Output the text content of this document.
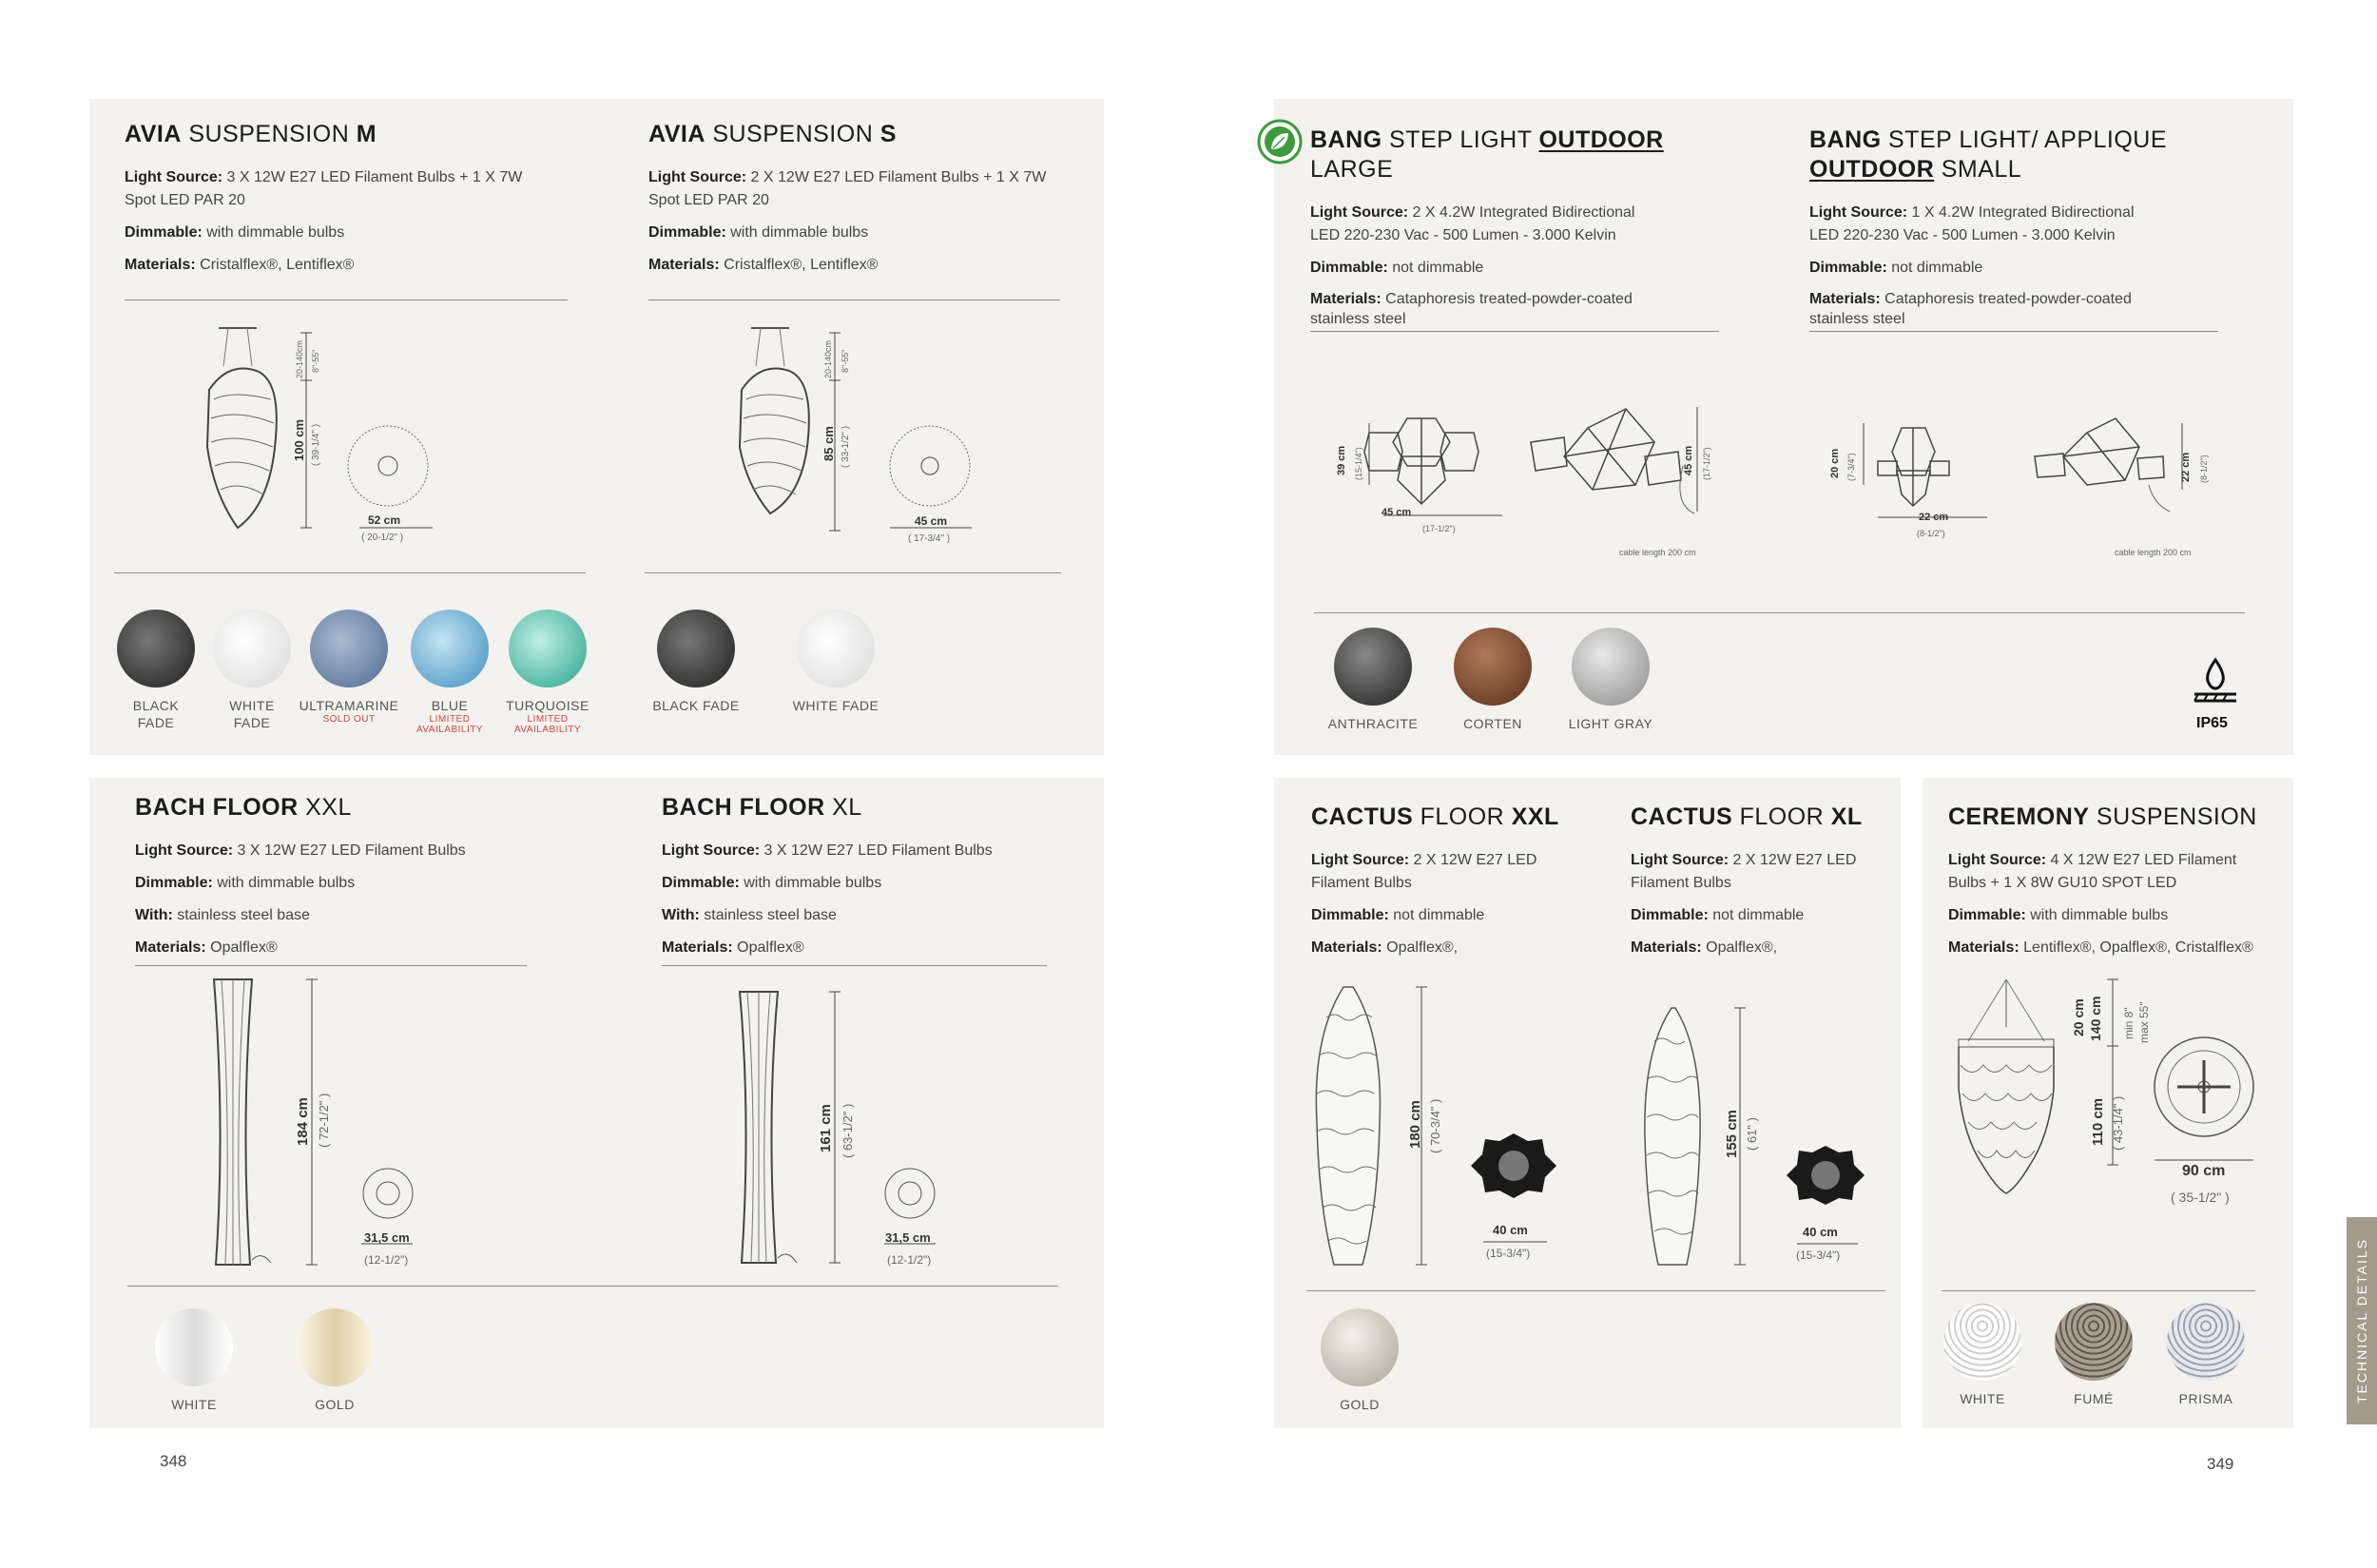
AVIA SUSPENSION M

Light Source: 3 X 12W E27 LED Filament Bulbs + 1 X 7W Spot LED PAR 20

Dimmable: with dimmable bulbs

Materials: Cristalflex®, Lentiflex®

AVIA SUSPENSION S

Light Source: 2 X 12W E27 LED Filament Bulbs + 1 X 7W Spot LED PAR 20

Dimmable: with dimmable bulbs

Materials: Cristalflex®, Lentiflex®

100 cm ( 39-1/4" )
20-140cm 8"-55"
52 cm
( 20-1/2" )
85 cm ( 33-1/2" )
20-140cm 8"-55"
45 cm
( 17-3/4" )
BLACK
FADE
WHITE
FADE
ULTRAMARINE
SOLD OUT
BLUE
LIMITED AVAILABILITY
TURQUOISE
LIMITED AVAILABILITY
BLACK FADE	WHITE FADE
BACH FLOOR XXL

Light Source: 3 X 12W E27 LED Filament Bulbs

Dimmable: with dimmable bulbs

With: stainless steel base

Materials: Opalflex®

BACH FLOOR XL

Light Source: 3 X 12W E27 LED Filament Bulbs

Dimmable: with dimmable bulbs

With: stainless steel base

Materials: Opalflex®

184 cm ( 72-1/2" )
31,5 cm
(12-1/2")
161 cm ( 63-1/2" )
31,5 cm
(12-1/2")
WHITE	GOLD
348
BANG STEP LIGHT OUTDOOR LARGE

Light Source: 2 X 4.2W Integrated Bidirectional LED 220-230 Vac - 500 Lumen - 3.000 Kelvin

Dimmable: not dimmable

Materials: Cataphoresis treated-powder-coated stainless steel

BANG STEP LIGHT/ APPLIQUE
OUTDOOR SMALL

Light Source: 1 X 4.2W Integrated Bidirectional LED 220-230 Vac - 500 Lumen - 3.000 Kelvin

Dimmable: not dimmable

Materials: Cataphoresis treated-powder-coated stainless steel

39 cm (15-1/4")
45 cm
(17-1/2")
45 cm (17-1/2")
cable length 200 cm
20 cm (7-3/4")
22 cm
(8-1/2")
22 cm (8-1/2")
cable length 200 cm
ANTHRACITE	CORTEN	LIGHT GRAY	IP65
CACTUS FLOOR XXL

Light Source: 2 X 12W E27 LED Filament Bulbs

Dimmable: not dimmable

Materials: Opalflex®,

CACTUS FLOOR XL

Light Source: 2 X 12W E27 LED Filament Bulbs

Dimmable: not dimmable

Materials: Opalflex®,

180 cm ( 70-3/4" )
40 cm
(15-3/4")
155 cm ( 61" )
40 cm
(15-3/4")
GOLD
CEREMONY SUSPENSION

Light Source: 4 X 12W E27 LED Filament Bulbs + 1 X 8W GU10 SPOT LED

Dimmable: with dimmable bulbs

Materials: Lentiflex®, Opalflex®, Cristalflex®

20 cm 140 cm min 8" max 55"
110 cm ( 43-1/4" )
90 cm
( 35-1/2" )
WHITE	FUMÉ	PRISMA
349
TECHNICAL DETAILS
